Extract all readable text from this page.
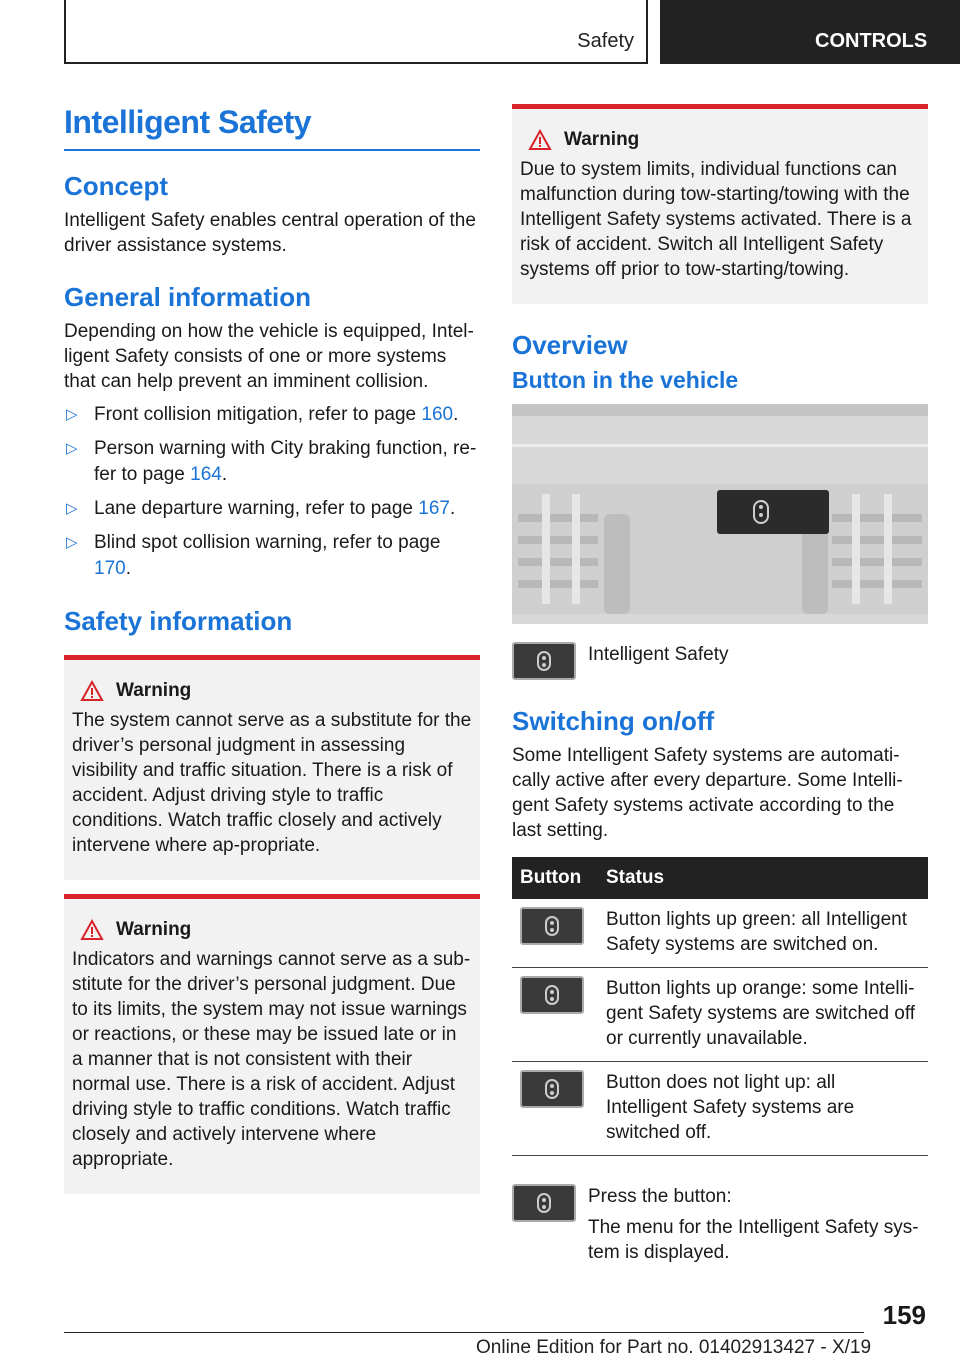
Safety	CONTROLS
Intelligent Safety
Concept

Intelligent Safety enables central operation of the driver assistance systems.

General information

Depending on how the vehicle is equipped, Intel-ligent Safety consists of one or more systems that can help prevent an imminent collision.

▷ Front collision mitigation, refer to page 160.
▷ Person warning with City braking function, re-fer to page 164.
▷ Lane departure warning, refer to page 167.
▷ Blind spot collision warning, refer to page 170.
Safety information
Warning

The system cannot serve as a substitute for the driver’s personal judgment in assessing visibility and traffic situation. There is a risk of accident. Adjust driving style to traffic conditions. Watch traffic closely and actively intervene where ap-propriate.

Warning

Indicators and warnings cannot serve as a sub-stitute for the driver’s personal judgment. Due to its limits, the system may not issue warnings or reactions, or these may be issued late or in a manner that is not consistent with their normal use. There is a risk of accident. Adjust driving style to traffic conditions. Watch traffic closely and actively intervene where appropriate.

Warning

Due to system limits, individual functions can malfunction during tow-starting/towing with the Intelligent Safety systems activated. There is a risk of accident. Switch all Intelligent Safety systems off prior to tow-starting/towing.

Overview
Button in the vehicle

Intelligent Safety

Switching on/off

Some Intelligent Safety systems are automati-cally active after every departure. Some Intelli-gent Safety systems activate according to the last setting.

Button	Status

	Button lights up green: all Intelligent Safety systems are switched on.

	Button lights up orange: some Intelli-gent Safety systems are switched off or currently unavailable.

	Button does not light up: all Intelligent Safety systems are switched off.

Press the button:

The menu for the Intelligent Safety sys-tem is displayed.

159
Online Edition for Part no. 01402913427 - X/19
